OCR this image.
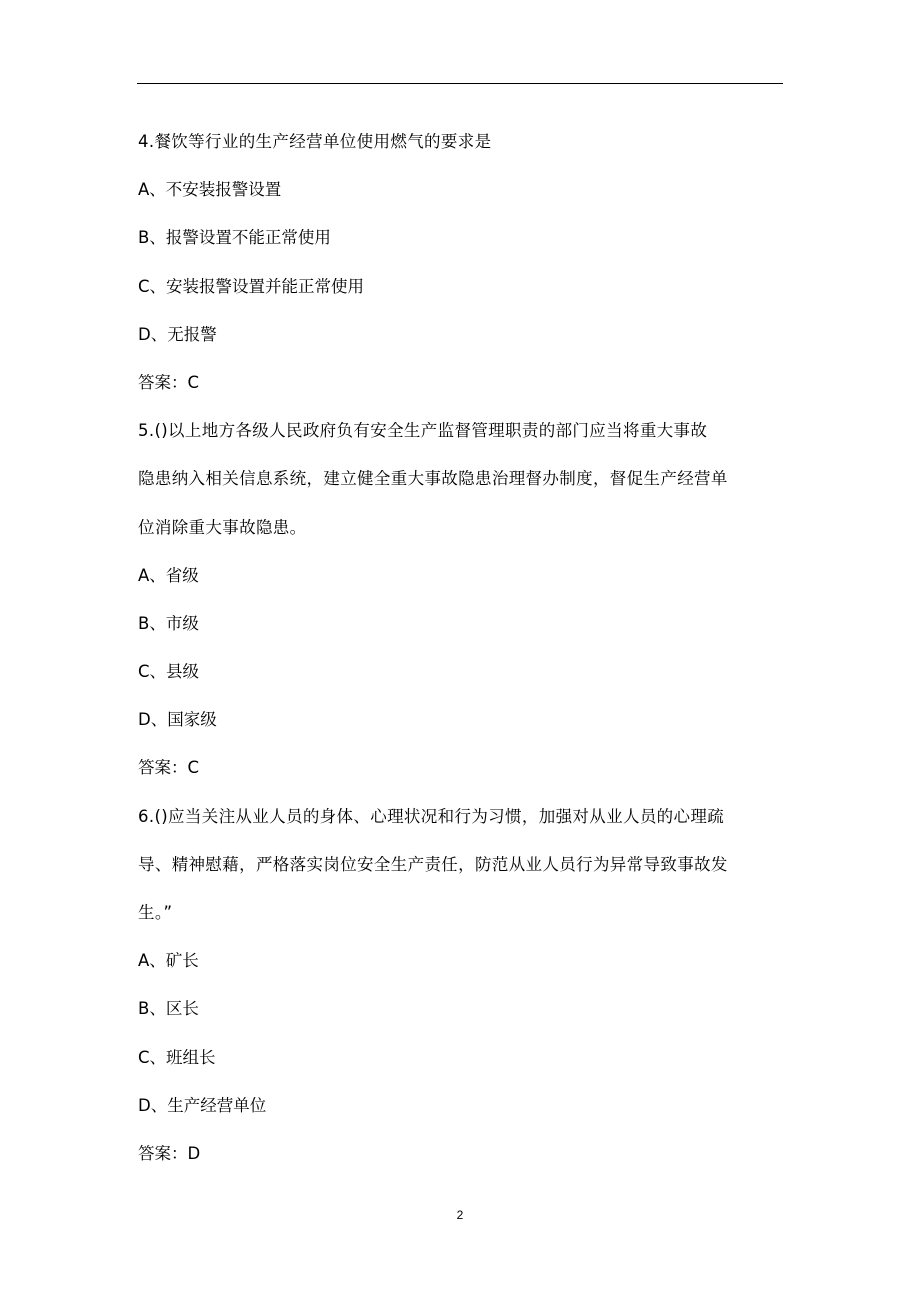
4.餐饮等行业的生产经营单位使用燃气的要求是
A、不安装报警设置
B、报警设置不能正常使用
C、安装报警设置并能正常使用
D、无报警
答案：C
5.()以上地方各级人民政府负有安全生产监督管理职责的部门应当将重大事故
隐患纳入相关信息系统，建立健全重大事故隐患治理督办制度，督促生产经营单
位消除重大事故隐患。
A、省级
B、市级
C、县级
D、国家级
答案：C
6.()应当关注从业人员的身体、心理状况和行为习惯，加强对从业人员的心理疏
导、精神慰藉，严格落实岗位安全生产责任，防范从业人员行为异常导致事故发
生。”
A、矿长
B、区长
C、班组长
D、生产经营单位
答案：D
2
